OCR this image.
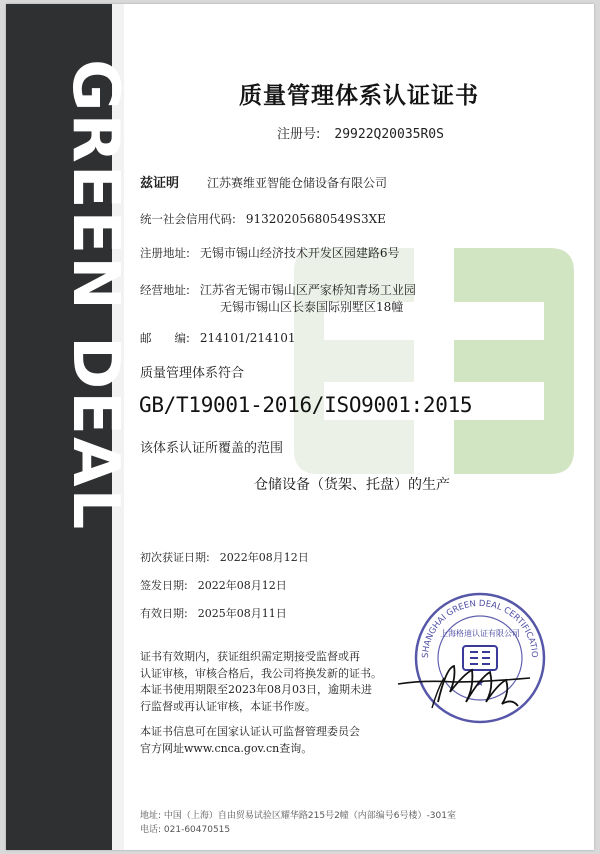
GREEN DEAL	质量管理体系认证证书
注册号: 29922Q20035R0S
兹证明 江苏赛维亚智能仓储设备有限公司
统一社会信用代码: 91320205680549S3XE
注册地址: 无锡市锡山经济技术开发区园建路6号
经营地址: 江苏省无锡市锡山区严家桥知青场工业园
无锡市锡山区长泰国际别墅区18幢
邮　　编: 214101/214101
质量管理体系符合
GB/T19001-2016/ISO9001:2015
该体系认证所覆盖的范围
仓储设备（货架、托盘）的生产
初次获证日期: 2022年08月12日
签发日期: 2022年08月12日
有效日期: 2025年08月11日
证书有效期内，获证组织需定期接受监督或再
认证审核，审核合格后，我公司将换发新的证书。
本证书使用期限至2023年08月03日，逾期未进
行监督或再认证审核，本证书作废。
本证书信息可在国家认证认可监督管理委员会
官方网址www.cnca.gov.cn查询。
SHANGHAI GREEN DEAL CERTIFICATIO
上海格迪认证有限公司
★
地址: 中国（上海）自由贸易试验区耀华路215号2幢（内部编号6号楼）-301室
电话: 021-60470515
